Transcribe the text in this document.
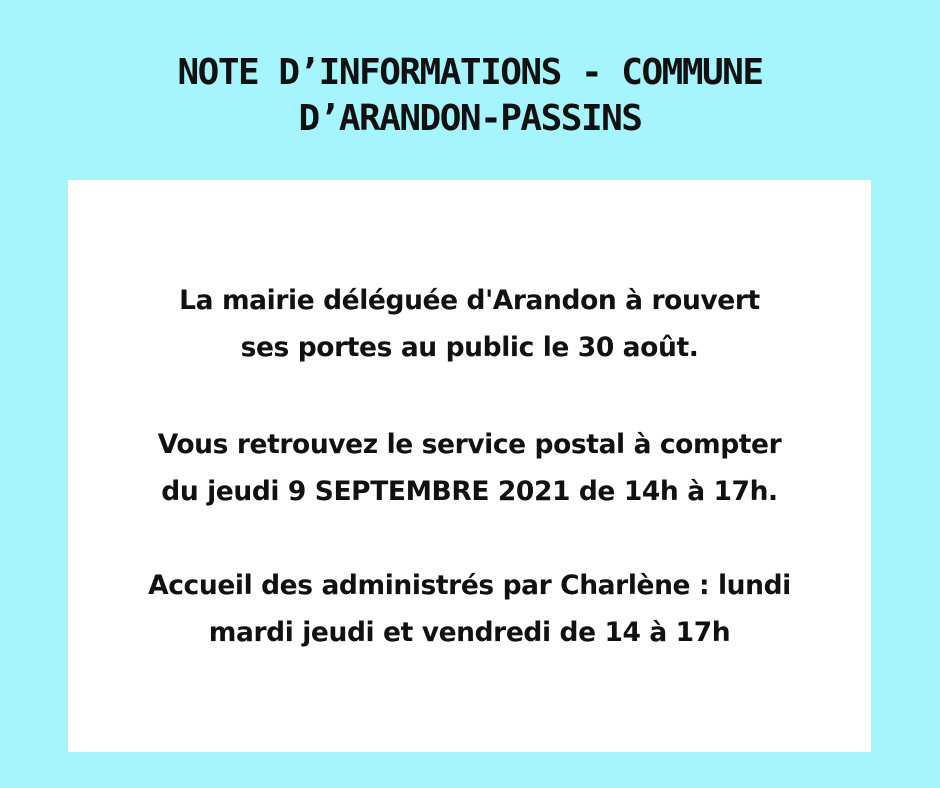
NOTE D’INFORMATIONS - COMMUNE
D’ARANDON-PASSINS
La mairie déléguée d'Arandon à rouvert
ses portes au public le 30 août.
Vous retrouvez le service postal à compter
du jeudi 9 SEPTEMBRE 2021 de 14h à 17h.
Accueil des administrés par Charlène : lundi
mardi jeudi et vendredi de 14 à 17h
